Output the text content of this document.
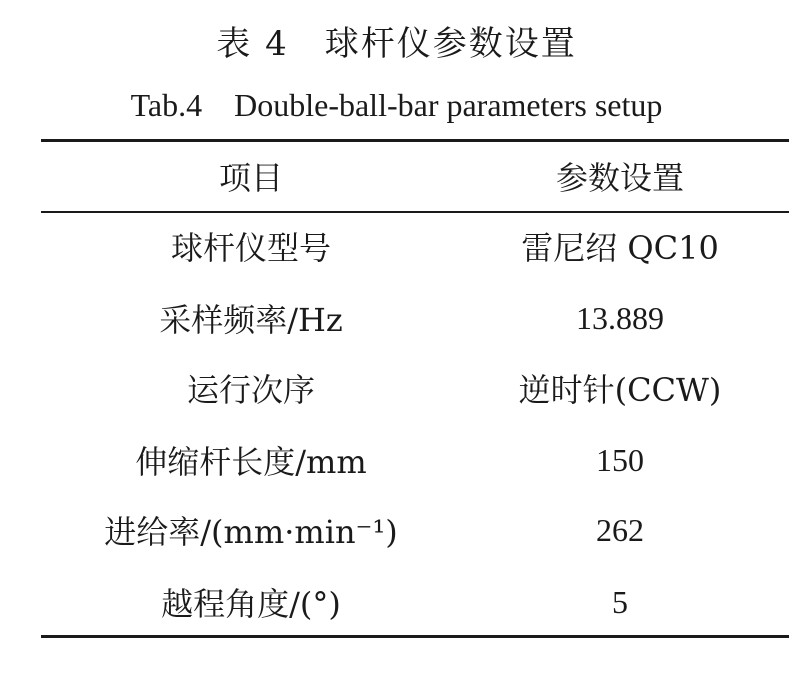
表 4　球杆仪参数设置
Tab.4　Double-ball-bar parameters setup
项目	参数设置
球杆仪型号	雷尼绍 QC10
采样频率/Hz	13.889
运行次序	逆时针(CCW)
伸缩杆长度/mm	150
进给率/(mm·min⁻¹)	262
越程角度/(°)	5
